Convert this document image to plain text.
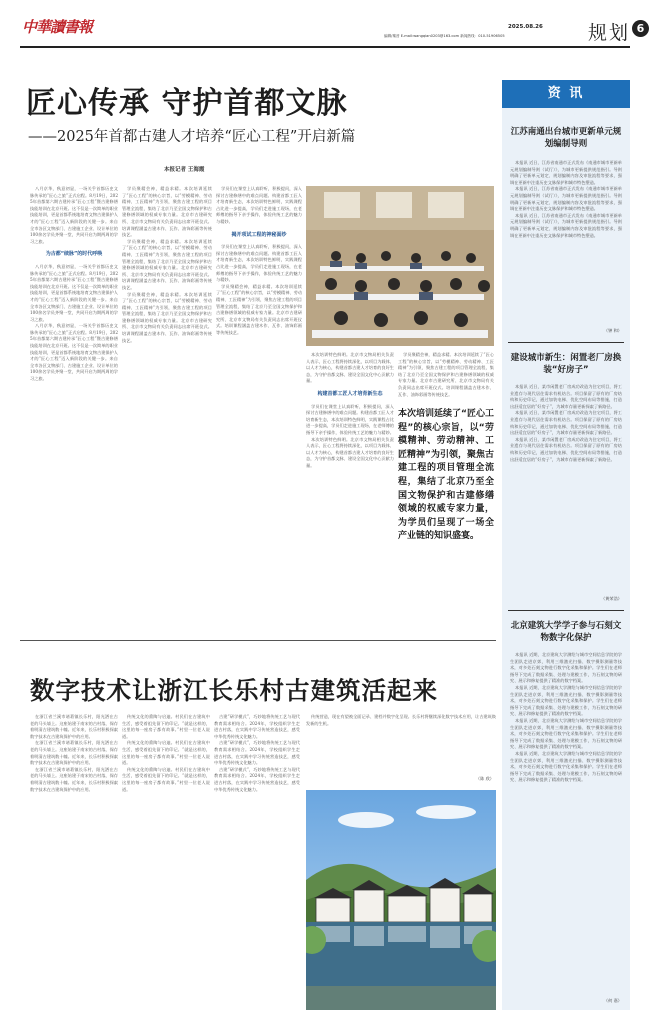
中華讀書報	2025.08.26
编辑/秦晋 E-mail:wangqian0203@163.com 新闻热线：010-51906505	规划 6
匠心传承 守护首都文脉
——2025年首都古建人才培养“匠心工程”开启新篇
本报记者 王海霞

八月京华，秋意初显，一场关乎首都历史文脉传承的“匠心之旅”正式启程。8月19日，2025年首都第六期古建传承“匠心工程”暨古建修缮技能培训在北京开班。这不仅是一次简单的职业技能培训，更是首都系统地培育文物古建保护人才的“匠心工程”迈入新阶段的关键一步。来自全市各区文物部门、古建施工企业、设计单位的100余名学员齐聚一堂，共同开启为期两周的学习之旅。

为古都“续脉”的时代呼唤

八月京华，秋意初显，一场关乎首都历史文脉传承的“匠心之旅”正式启程。8月19日，2025年首都第六期古建传承“匠心工程”暨古建修缮技能培训在北京开班。这不仅是一次简单的职业技能培训，更是首都系统地培育文物古建保护人才的“匠心工程”迈入新阶段的关键一步。来自全市各区文物部门、古建施工企业、设计单位的100余名学员齐聚一堂，共同开启为期两周的学习之旅。

八月京华，秋意初显，一场关乎首都历史文脉传承的“匠心之旅”正式启程。8月19日，2025年首都第六期古建传承“匠心工程”暨古建修缮技能培训在北京开班。这不仅是一次简单的职业技能培训，更是首都系统地培育文物古建保护人才的“匠心工程”迈入新阶段的关键一步。来自全市各区文物部门、古建施工企业、设计单位的100余名学员齐聚一堂，共同开启为期两周的学习之旅。

学员聚精会神，精益求精。本次培训延续了“匠心工程”的核心宗旨，以“劳模精神、劳动精神、工匠精神”为引领，聚焦古建工程的项目管理全流程，集结了北京乃至全国文物保护和古建修缮领域的权威专家力量。北京市古建研究所、北京市文物局有关负责同志出席开班仪式。培训课程涵盖古建木作、瓦作、油饰彩画等传统技艺。

学员聚精会神，精益求精。本次培训延续了“匠心工程”的核心宗旨，以“劳模精神、劳动精神、工匠精神”为引领，聚焦古建工程的项目管理全流程，集结了北京乃至全国文物保护和古建修缮领域的权威专家力量。北京市古建研究所、北京市文物局有关负责同志出席开班仪式。培训课程涵盖古建木作、瓦作、油饰彩画等传统技艺。

学员聚精会神，精益求精。本次培训延续了“匠心工程”的核心宗旨，以“劳模精神、劳动精神、工匠精神”为引领，聚焦古建工程的项目管理全流程，集结了北京乃至全国文物保护和古建修缮领域的权威专家力量。北京市古建研究所、北京市文物局有关负责同志出席开班仪式。培训课程涵盖古建木作、瓦作、油饰彩画等传统技艺。

学员们在课堂上认真聆听，积极提问，深入探讨古建修缮中的难点问题。构建首都工匠人才培育新生态，本次培训特色鲜明，实践课程占比进一步提高，学员们走进施工现场，在老师傅的指导下亲手操作，体验传统工艺的魅力与精妙。

揭开项试工程的神秘面纱

学员们在课堂上认真聆听，积极提问，深入探讨古建修缮中的难点问题。构建首都工匠人才培育新生态，本次培训特色鲜明，实践课程占比进一步提高，学员们走进施工现场，在老师傅的指导下亲手操作，体验传统工艺的魅力与精妙。

学员聚精会神，精益求精。本次培训延续了“匠心工程”的核心宗旨，以“劳模精神、劳动精神、工匠精神”为引领，聚焦古建工程的项目管理全流程，集结了北京乃至全国文物保护和古建修缮领域的权威专家力量。北京市古建研究所、北京市文物局有关负责同志出席开班仪式。培训课程涵盖古建木作、瓦作、油饰彩画等传统技艺。

本次培训特色鲜明。北京市文物局相关负责人表示，匠心工程将持续深化，以项目为载体、以人才为核心，构建首都古建人才培育的良好生态，为守护首都文脉、建设全国文化中心贡献力量。

构建首都工匠人才培育新生态

学员们在课堂上认真聆听，积极提问，深入探讨古建修缮中的难点问题。构建首都工匠人才培育新生态，本次培训特色鲜明，实践课程占比进一步提高，学员们走进施工现场，在老师傅的指导下亲手操作，体验传统工艺的魅力与精妙。

本次培训特色鲜明。北京市文物局相关负责人表示，匠心工程将持续深化，以项目为载体、以人才为核心，构建首都古建人才培育的良好生态，为守护首都文脉、建设全国文化中心贡献力量。

学员聚精会神，精益求精。本次培训延续了“匠心工程”的核心宗旨，以“劳模精神、劳动精神、工匠精神”为引领，聚焦古建工程的项目管理全流程，集结了北京乃至全国文物保护和古建修缮领域的权威专家力量。北京市古建研究所、北京市文物局有关负责同志出席开班仪式。培训课程涵盖古建木作、瓦作、油饰彩画等传统技艺。

本次培训延续了“匠心工程”的核心宗旨，以“劳模精神、劳动精神、工匠精神”为引领，聚焦古建工程的项目管理全流程，集结了北京乃至全国文物保护和古建修缮领域的权威专家力量，为学员们呈现了一场全产业链的知识盛宴。
资 讯
江苏南通出台城市更新单元规划编制导则

本报讯 近日，江苏省南通市正式发布《南通市城市更新单元规划编制导则（试行）》，为城市更新提供规范指引。导则明确了更新单元划定、规划编制内容及审批流程等要求，强调在更新中注重历史文脉保护和城市特色塑造。

本报讯 近日，江苏省南通市正式发布《南通市城市更新单元规划编制导则（试行）》，为城市更新提供规范指引。导则明确了更新单元划定、规划编制内容及审批流程等要求，强调在更新中注重历史文脉保护和城市特色塑造。

本报讯 近日，江苏省南通市正式发布《南通市城市更新单元规划编制导则（试行）》，为城市更新提供规范指引。导则明确了更新单元划定、规划编制内容及审批流程等要求，强调在更新中注重历史文脉保护和城市特色塑造。

（钟 和）
建设城市新生：闲置老厂房换装“好房子”

本报讯 近日，某市闲置老厂房成功改造为住宅项目，将工业遗存与现代居住需求有机结合。项目保留了原有的厂房结构和历史印记，通过加装电梯、优化空间布局等措施，打造出舒适宜居的“好房子”，为城市存量更新探索了新路径。

本报讯 近日，某市闲置老厂房成功改造为住宅项目，将工业遗存与现代居住需求有机结合。项目保留了原有的厂房结构和历史印记，通过加装电梯、优化空间布局等措施，打造出舒适宜居的“好房子”，为城市存量更新探索了新路径。

本报讯 近日，某市闲置老厂房成功改造为住宅项目，将工业遗存与现代居住需求有机结合。项目保留了原有的厂房结构和历史印记，通过加装电梯、优化空间布局等措施，打造出舒适宜居的“好房子”，为城市存量更新探索了新路径。

（黄荣浩）
北京建筑大学学子参与石刻文物数字化保护

本报讯 近期，北京建筑大学测绘与城市空间信息学院的学生团队走进京郊，利用三维激光扫描、数字摄影测量等技术，对多处石刻文物进行数字化采集和保护。学生们在老师指导下完成了数据采集、处理与建模工作，为石刻文物的研究、展示和修复提供了精准的数字档案。

本报讯 近期，北京建筑大学测绘与城市空间信息学院的学生团队走进京郊，利用三维激光扫描、数字摄影测量等技术，对多处石刻文物进行数字化采集和保护。学生们在老师指导下完成了数据采集、处理与建模工作，为石刻文物的研究、展示和修复提供了精准的数字档案。

本报讯 近期，北京建筑大学测绘与城市空间信息学院的学生团队走进京郊，利用三维激光扫描、数字摄影测量等技术，对多处石刻文物进行数字化采集和保护。学生们在老师指导下完成了数据采集、处理与建模工作，为石刻文物的研究、展示和修复提供了精准的数字档案。

本报讯 近期，北京建筑大学测绘与城市空间信息学院的学生团队走进京郊，利用三维激光扫描、数字摄影测量等技术，对多处石刻文物进行数字化采集和保护。学生们在老师指导下完成了数据采集、处理与建模工作，为石刻文物的研究、展示和修复提供了精准的数字档案。

（何 嘉）
数字技术让浙江长乐村古建筑活起来

在浙江省兰溪市诸葛镇长乐村，阳光洒在古老的马头墙上。这座始建于南宋的古村落，保存着明清古建筑数十幢。近年来，长乐村积极探索数字技术在古建筑保护中的应用。

在浙江省兰溪市诸葛镇长乐村，阳光洒在古老的马头墙上。这座始建于南宋的古村落，保存着明清古建筑数十幢。近年来，长乐村积极探索数字技术在古建筑保护中的应用。

在浙江省兰溪市诸葛镇长乐村，阳光洒在古老的马头墙上。这座始建于南宋的古村落，保存着明清古建筑数十幢。近年来，长乐村积极探索数字技术在古建筑保护中的应用。

传统文化的熏陶与启迪。村民们在古建筑中生活，感受着祖先留下的印记。“就是这样的，这里的每一座房子都有故事。”村里一位老人说道。

传统文化的熏陶与启迪。村民们在古建筑中生活，感受着祖先留下的印记。“就是这样的，这里的每一座房子都有故事。”村里一位老人说道。

传统文化的熏陶与启迪。村民们在古建筑中生活，感受着祖先留下的印记。“就是这样的，这里的每一座房子都有故事。”村里一位老人说道。

古建“研学模式”，巧妙地将传统工艺与现代教育需求相结合。2024年，学校组织学生走进古村落，在实践中学习传统营造技艺，感受中华优秀传统文化魅力。

古建“研学模式”，巧妙地将传统工艺与现代教育需求相结合。2024年，学校组织学生走进古村落，在实践中学习传统营造技艺，感受中华优秀传统文化魅力。

古建“研学模式”，巧妙地将传统工艺与现代教育需求相结合。2024年，学校组织学生走进古村落，在实践中学习传统营造技艺，感受中华优秀传统文化魅力。

传统营造，现在有望被全面记录、建档并数字化呈现。长乐村将继续深化数字技术应用，让古建筑焕发新的生机。

（陈 欣）
